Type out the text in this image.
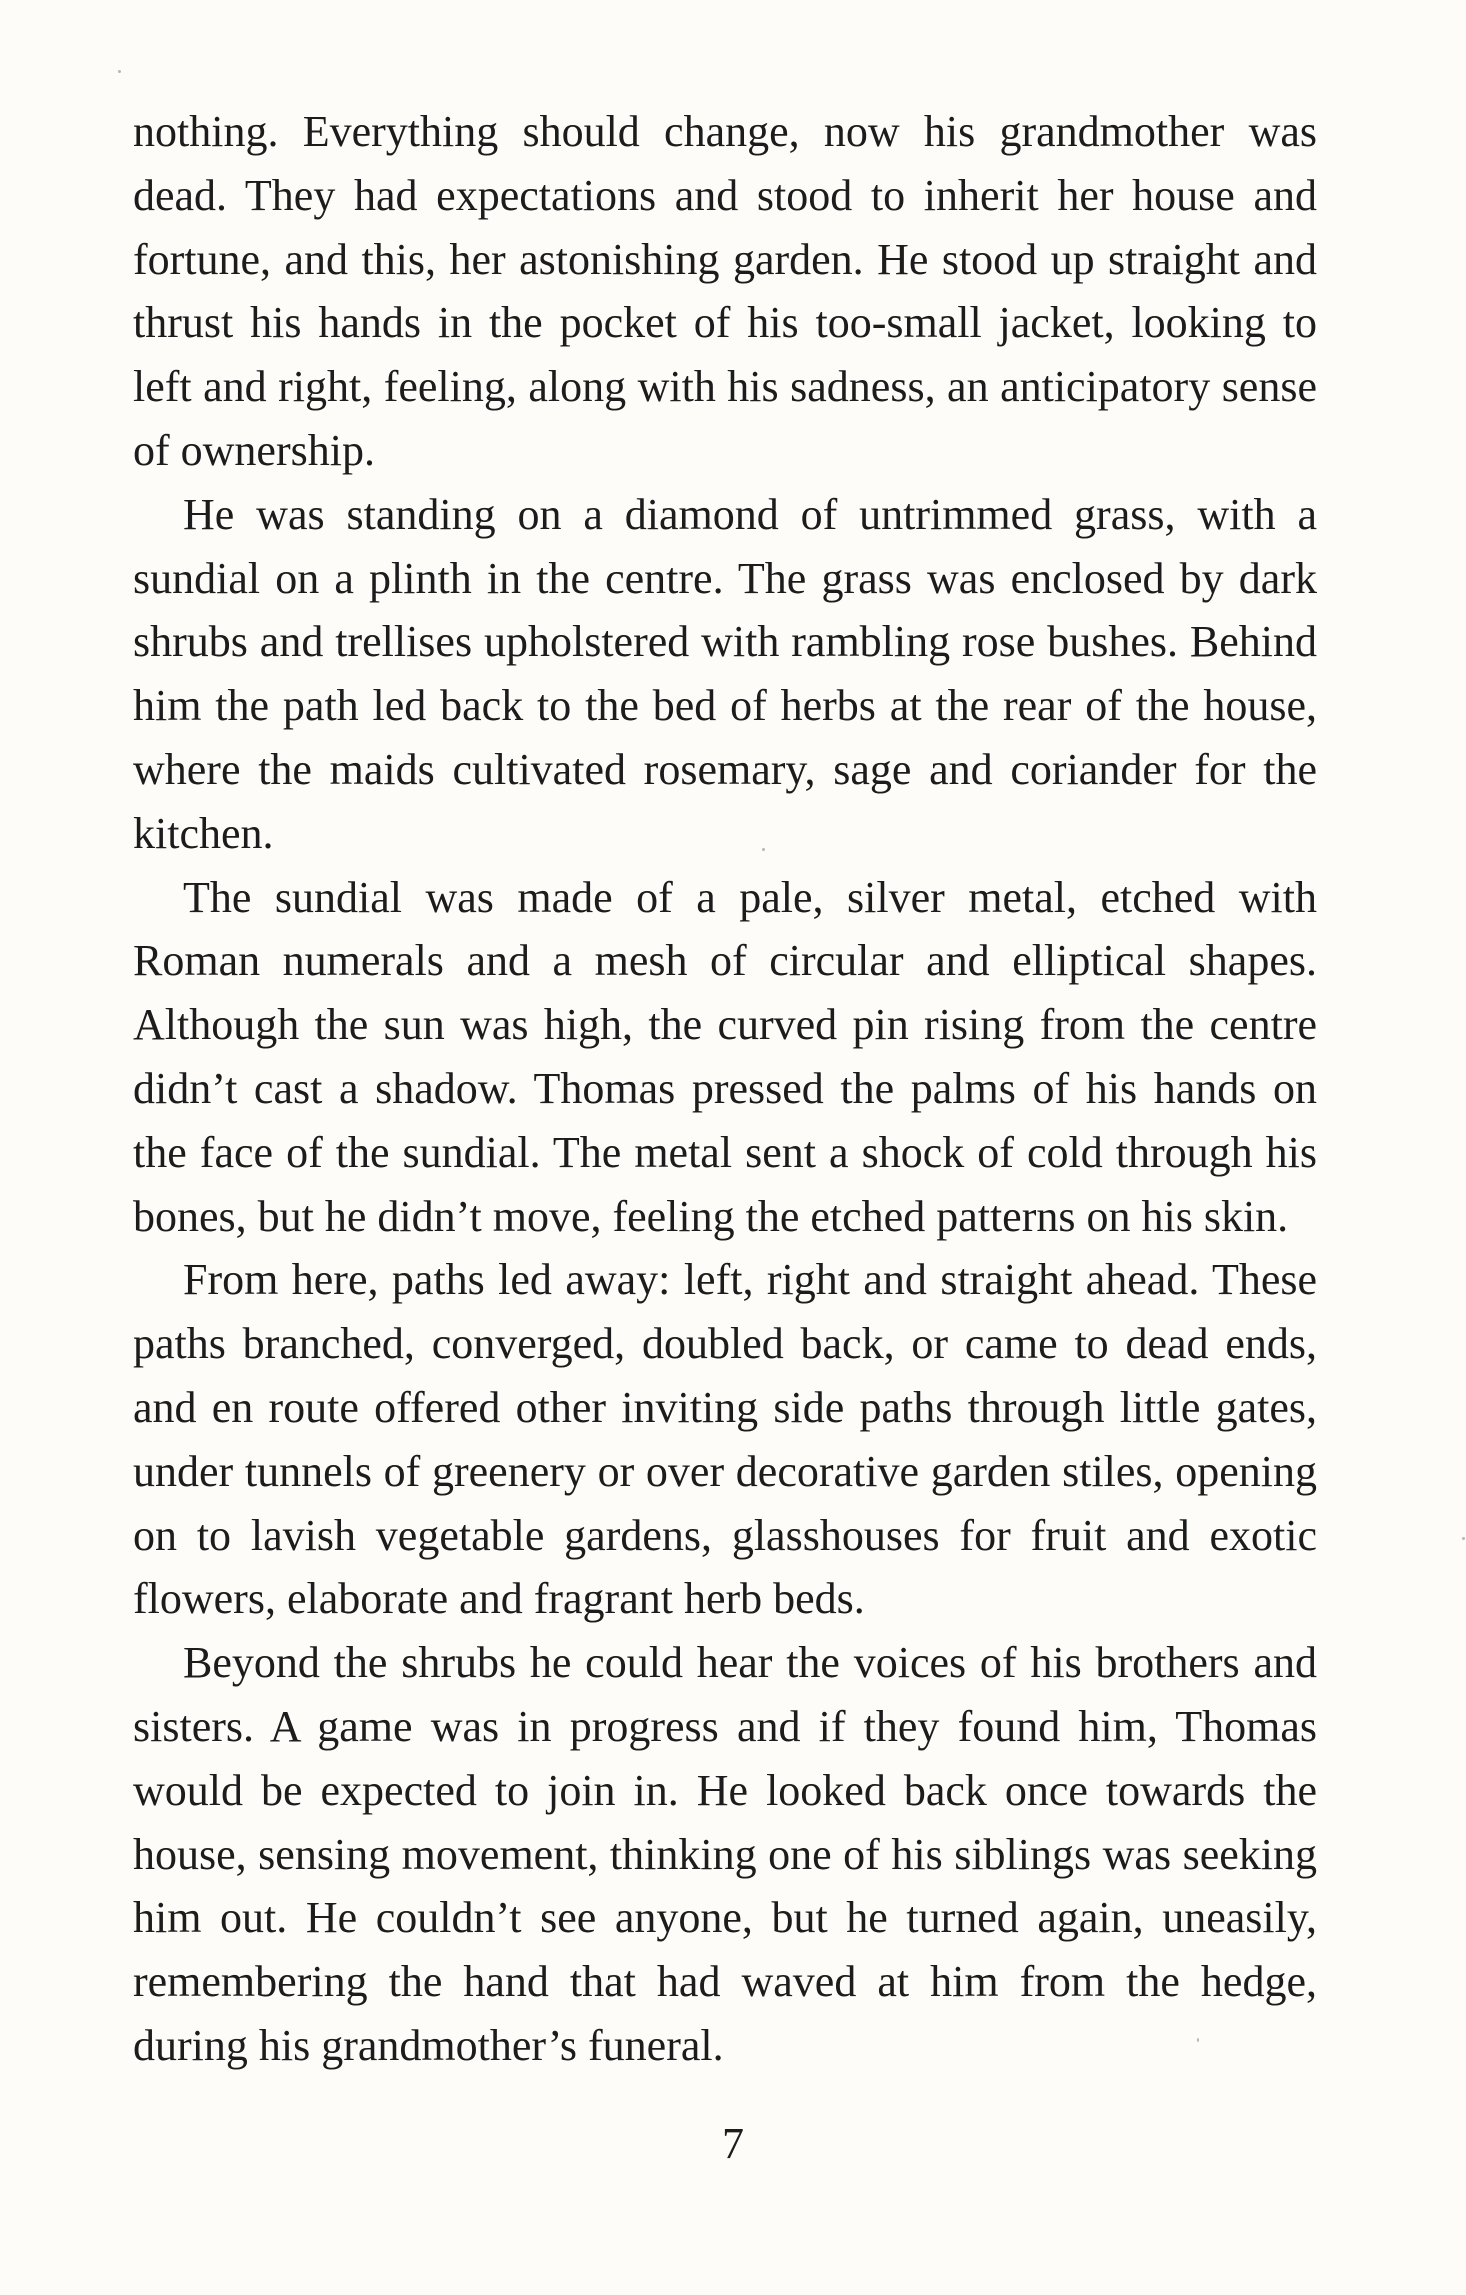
nothing. Everything should change, now his grandmother was dead. They had expectations and stood to inherit her house and fortune, and this, her astonishing garden. He stood up straight and thrust his hands in the pocket of his too-small jacket, looking to left and right, feeling, along with his sadness, an anticipatory sense of ownership.

He was standing on a diamond of untrimmed grass, with a sundial on a plinth in the centre. The grass was enclosed by dark shrubs and trellises upholstered with rambling rose bushes. Behind him the path led back to the bed of herbs at the rear of the house, where the maids cultivated rosemary, sage and coriander for the kitchen.

The sundial was made of a pale, silver metal, etched with Roman numerals and a mesh of circular and elliptical shapes. Although the sun was high, the curved pin rising from the centre didn’t cast a shadow. Thomas pressed the palms of his hands on the face of the sundial. The metal sent a shock of cold through his bones, but he didn’t move, feeling the etched patterns on his skin.

From here, paths led away: left, right and straight ahead. These paths branched, converged, doubled back, or came to dead ends, and en route offered other inviting side paths through little gates, under tunnels of greenery or over decorative garden stiles, opening on to lavish vegetable gardens, glasshouses for fruit and exotic flowers, elaborate and fragrant herb beds.

Beyond the shrubs he could hear the voices of his brothers and sisters. A game was in progress and if they found him, Thomas would be expected to join in. He looked back once towards the house, sensing movement, thinking one of his siblings was seeking him out. He couldn’t see anyone, but he turned again, uneasily, remembering the hand that had waved at him from the hedge, during his grandmother’s funeral.

7
